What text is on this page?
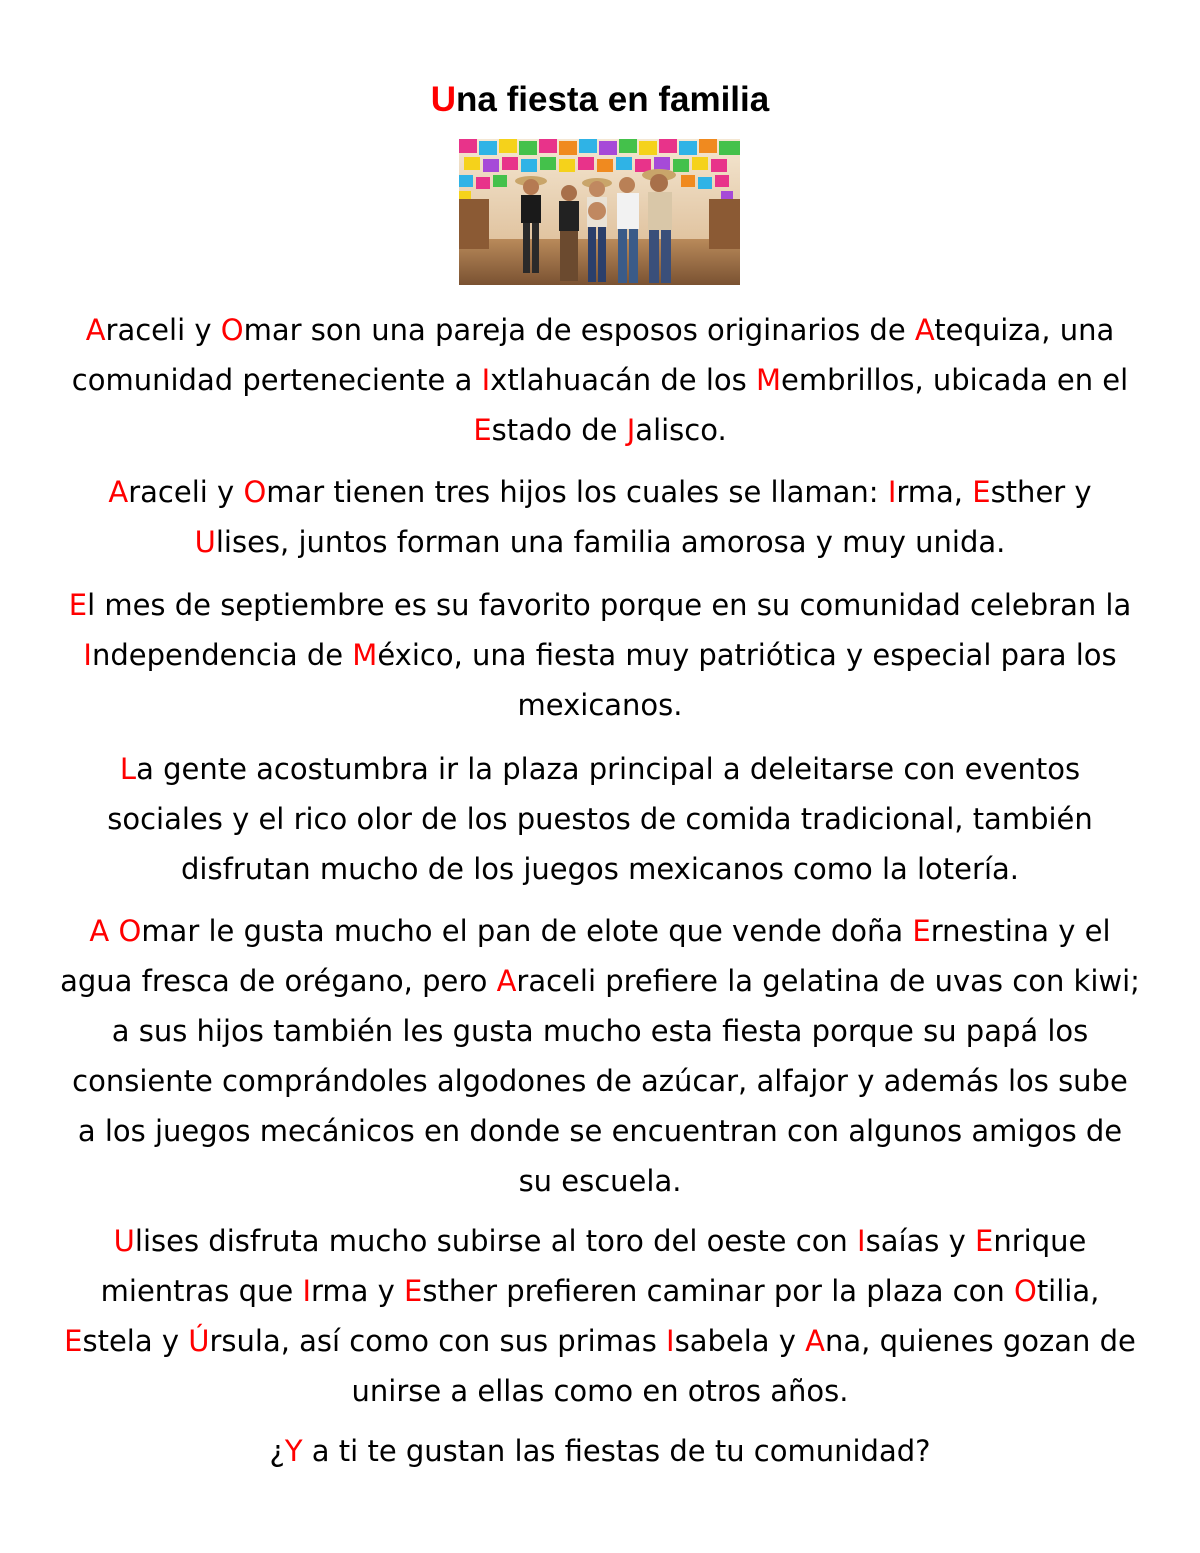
Una fiesta en familia

Araceli y Omar son una pareja de esposos originarios de Atequiza, una comunidad perteneciente a Ixtlahuacán de los Membrillos, ubicada en el Estado de Jalisco.

Araceli y Omar tienen tres hijos los cuales se llaman: Irma, Esther y Ulises, juntos forman una familia amorosa y muy unida.

El mes de septiembre es su favorito porque en su comunidad celebran la Independencia de México, una fiesta muy patriótica y especial para los mexicanos.

La gente acostumbra ir la plaza principal a deleitarse con eventos sociales y el rico olor de los puestos de comida tradicional, también disfrutan mucho de los juegos mexicanos como la lotería.

A Omar le gusta mucho el pan de elote que vende doña Ernestina y el agua fresca de orégano, pero Araceli prefiere la gelatina de uvas con kiwi; a sus hijos también les gusta mucho esta fiesta porque su papá los consiente comprándoles algodones de azúcar, alfajor y además los sube a los juegos mecánicos en donde se encuentran con algunos amigos de su escuela.

Ulises disfruta mucho subirse al toro del oeste con Isaías y Enrique mientras que Irma y Esther prefieren caminar por la plaza con Otilia, Estela y Úrsula, así como con sus primas Isabela y Ana, quienes gozan de unirse a ellas como en otros años.

¿Y a ti te gustan las fiestas de tu comunidad?
